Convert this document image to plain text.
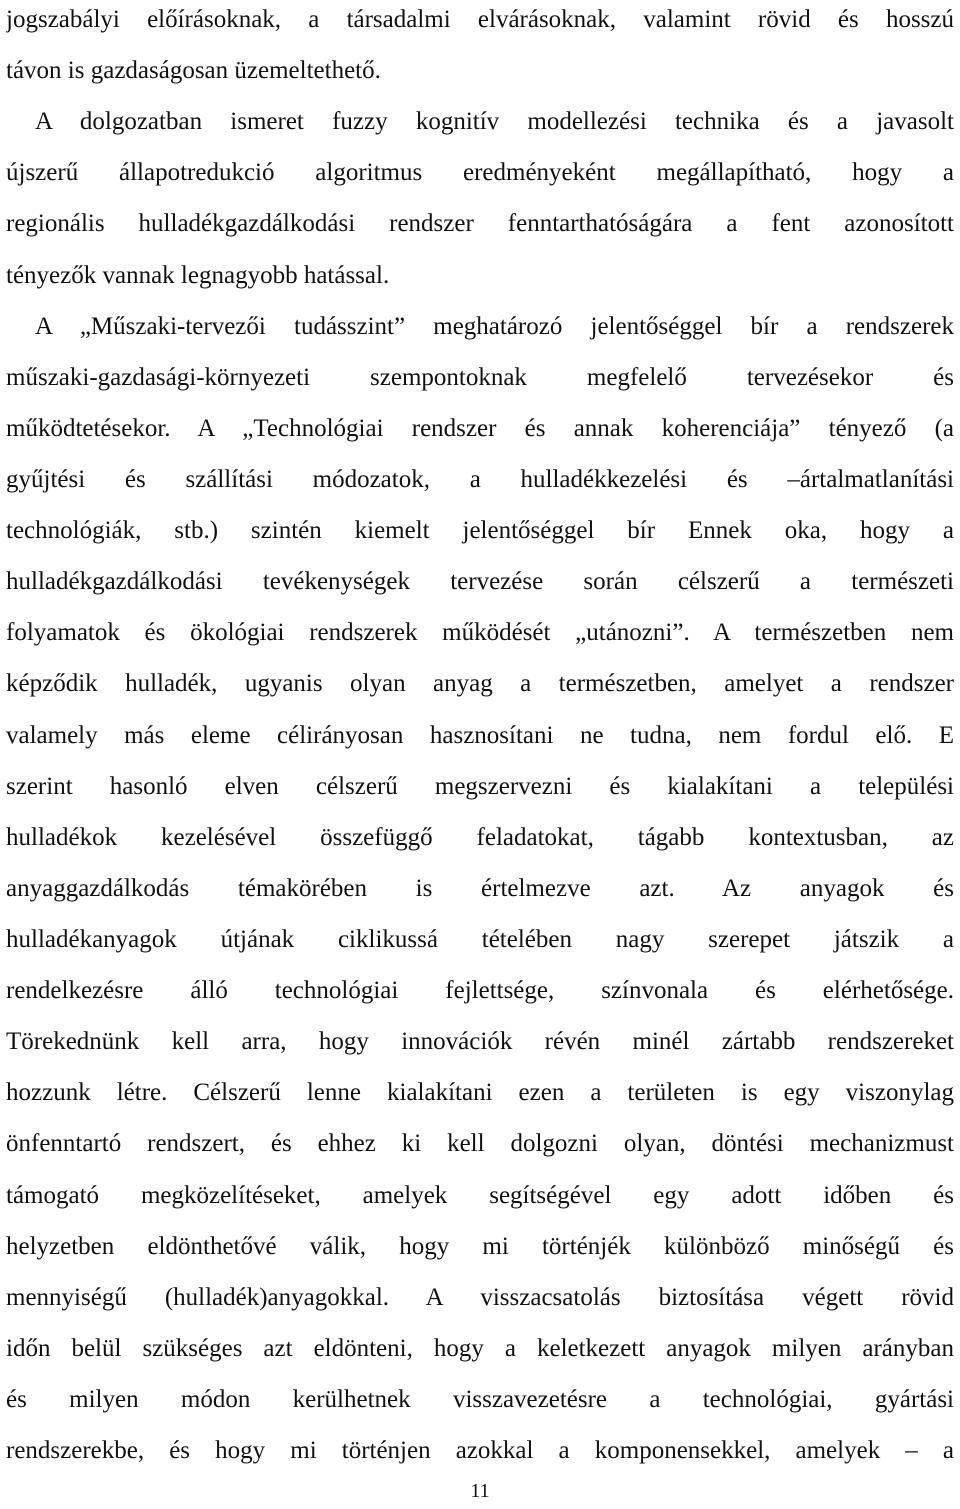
jogszabályi előírásoknak, a társadalmi elvárásoknak, valamint rövid és hosszú
távon is gazdaságosan üzemeltethető.
A dolgozatban ismeret fuzzy kognitív modellezési technika és a javasolt
újszerű állapotredukció algoritmus eredményeként megállapítható, hogy a
regionális hulladékgazdálkodási rendszer fenntarthatóságára a fent azonosított
tényezők vannak legnagyobb hatással.
A „Műszaki-tervezői tudásszint” meghatározó jelentőséggel bír a rendszerek
műszaki-gazdasági-környezeti szempontoknak megfelelő tervezésekor és
működtetésekor. A „Technológiai rendszer és annak koherenciája” tényező (a
gyűjtési és szállítási módozatok, a hulladékkezelési és –ártalmatlanítási
technológiák, stb.) szintén kiemelt jelentőséggel bír Ennek oka, hogy a
hulladékgazdálkodási tevékenységek tervezése során célszerű a természeti
folyamatok és ökológiai rendszerek működését „utánozni”. A természetben nem
képződik hulladék, ugyanis olyan anyag a természetben, amelyet a rendszer
valamely más eleme célirányosan hasznosítani ne tudna, nem fordul elő. E
szerint hasonló elven célszerű megszervezni és kialakítani a települési
hulladékok kezelésével összefüggő feladatokat, tágabb kontextusban, az
anyaggazdálkodás témakörében is értelmezve azt. Az anyagok és
hulladékanyagok útjának ciklikussá tételében nagy szerepet játszik a
rendelkezésre álló technológiai fejlettsége, színvonala és elérhetősége.
Törekednünk kell arra, hogy innovációk révén minél zártabb rendszereket
hozzunk létre. Célszerű lenne kialakítani ezen a területen is egy viszonylag
önfenntartó rendszert, és ehhez ki kell dolgozni olyan, döntési mechanizmust
támogató megközelítéseket, amelyek segítségével egy adott időben és
helyzetben eldönthetővé válik, hogy mi történjék különböző minőségű és
mennyiségű (hulladék)anyagokkal. A visszacsatolás biztosítása végett rövid
időn belül szükséges azt eldönteni, hogy a keletkezett anyagok milyen arányban
és milyen módon kerülhetnek visszavezetésre a technológiai, gyártási
rendszerekbe, és hogy mi történjen azokkal a komponensekkel, amelyek – a
11
